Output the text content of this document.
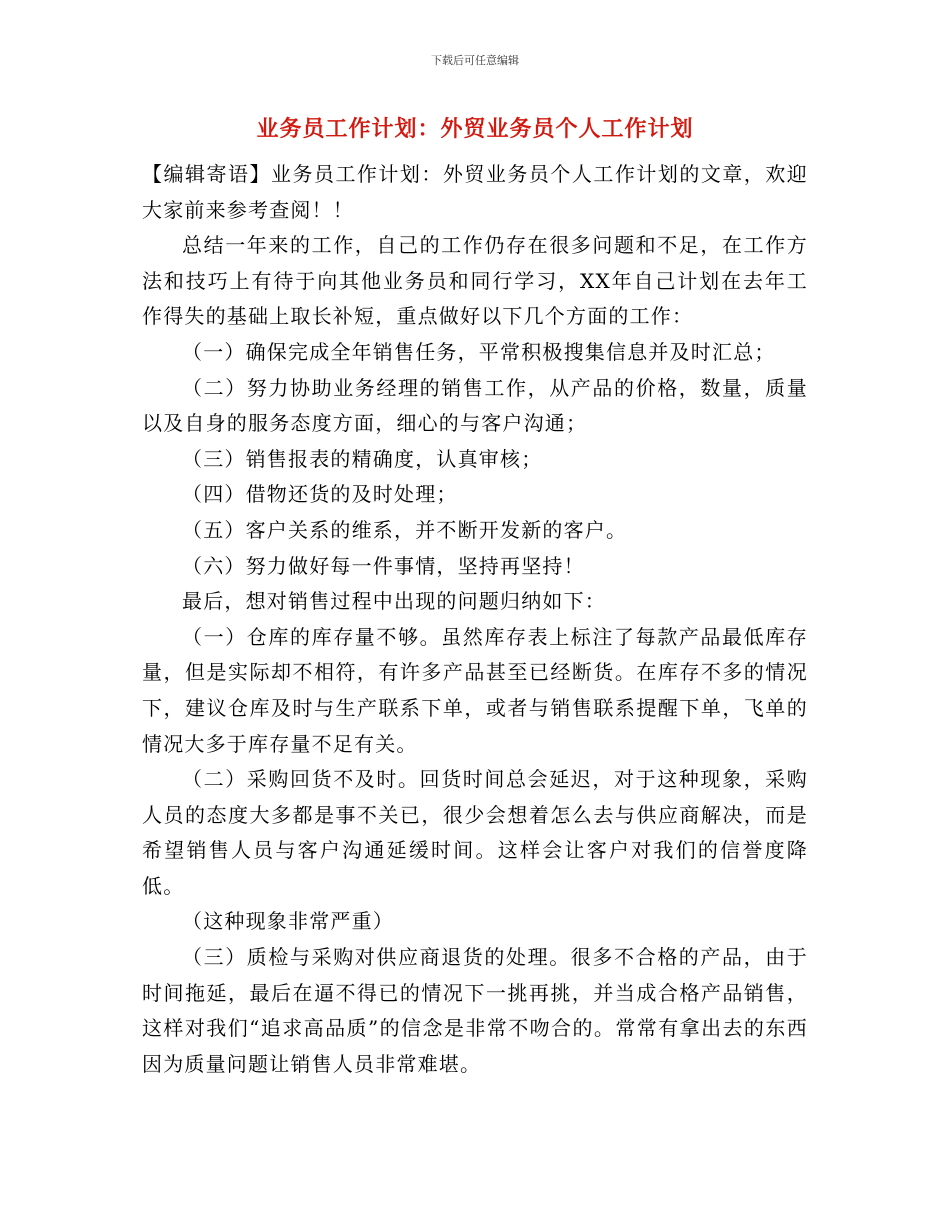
下载后可任意编辑
业务员工作计划：外贸业务员个人工作计划

【编辑寄语】业务员工作计划：外贸业务员个人工作计划的文章，欢迎大家前来参考查阅！！

总结一年来的工作，自己的工作仍存在很多问题和不足，在工作方法和技巧上有待于向其他业务员和同行学习，XX年自己计划在去年工作得失的基础上取长补短，重点做好以下几个方面的工作：

（一）确保完成全年销售任务，平常积极搜集信息并及时汇总；

（二）努力协助业务经理的销售工作，从产品的价格，数量，质量以及自身的服务态度方面，细心的与客户沟通；

（三）销售报表的精确度，认真审核；

（四）借物还货的及时处理；

（五）客户关系的维系，并不断开发新的客户。

（六）努力做好每一件事情，坚持再坚持！

最后，想对销售过程中出现的问题归纳如下：

（一）仓库的库存量不够。虽然库存表上标注了每款产品最低库存量，但是实际却不相符，有许多产品甚至已经断货。在库存不多的情况下，建议仓库及时与生产联系下单，或者与销售联系提醒下单，飞单的情况大多于库存量不足有关。

（二）采购回货不及时。回货时间总会延迟，对于这种现象，采购人员的态度大多都是事不关已，很少会想着怎么去与供应商解决，而是希望销售人员与客户沟通延缓时间。这样会让客户对我们的信誉度降低。

（这种现象非常严重）

（三）质检与采购对供应商退货的处理。很多不合格的产品，由于时间拖延，最后在逼不得已的情况下一挑再挑，并当成合格产品销售，这样对我们“追求高品质”的信念是非常不吻合的。常常有拿出去的东西因为质量问题让销售人员非常难堪。
